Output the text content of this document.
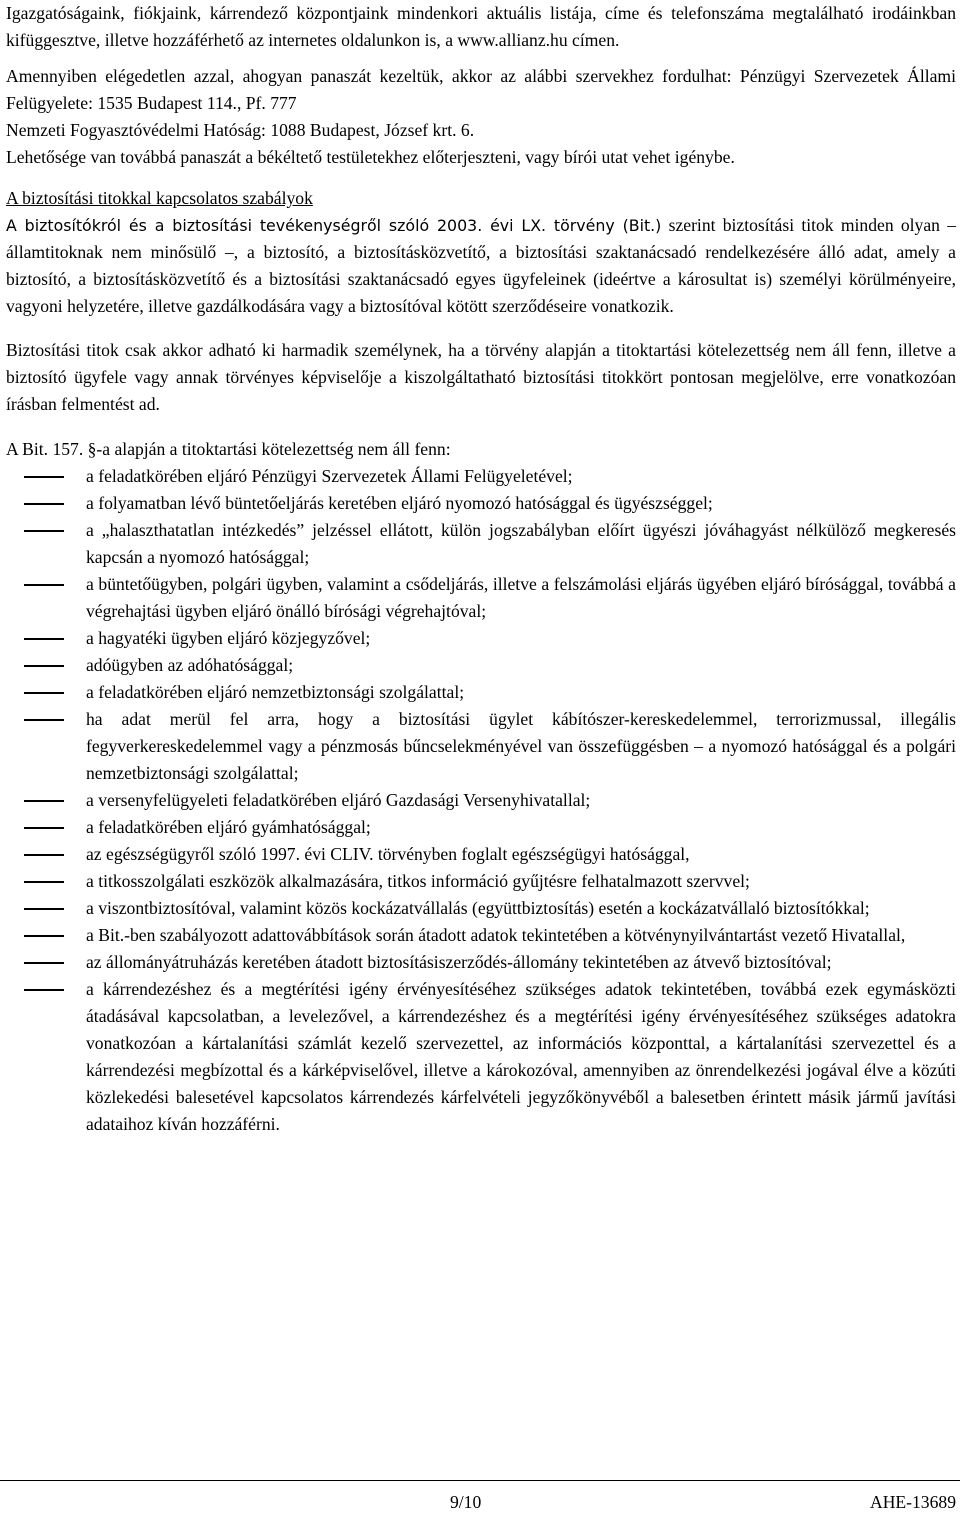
Igazgatóságaink, fiókjaink, kárrendező központjaink mindenkori aktuális listája, címe és telefonszáma megtalálható irodáinkban kifüggesztve, illetve hozzáférhető az internetes oldalunkon is, a www.allianz.hu címen.

Amennyiben elégedetlen azzal, ahogyan panaszát kezeltük, akkor az alábbi szervekhez fordulhat: Pénzügyi Szervezetek Állami Felügyelete: 1535 Budapest 114., Pf. 777

Nemzeti Fogyasztóvédelmi Hatóság: 1088 Budapest, József krt. 6.

Lehetősége van továbbá panaszát a békéltető testületekhez előterjeszteni, vagy bírói utat vehet igénybe.

A biztosítási titokkal kapcsolatos szabályok

A biztosítókról és a biztosítási tevékenységről szóló 2003. évi LX. törvény (Bit.) szerint biztosítási titok minden olyan – államtitoknak nem minősülő –, a biztosító, a biztosításközvetítő, a biztosítási szaktanácsadó rendelkezésére álló adat, amely a biztosító, a biztosításközvetítő és a biztosítási szaktanácsadó egyes ügyfeleinek (ideértve a károsultat is) személyi körülményeire, vagyoni helyzetére, illetve gazdálkodására vagy a biztosítóval kötött szerződéseire vonatkozik.

Biztosítási titok csak akkor adható ki harmadik személynek, ha a törvény alapján a titoktartási kötelezettség nem áll fenn, illetve a biztosító ügyfele vagy annak törvényes képviselője a kiszolgáltatható biztosítási titokkört pontosan megjelölve, erre vonatkozóan írásban felmentést ad.

A Bit. 157. §-a alapján a titoktartási kötelezettség nem áll fenn:

a feladatkörében eljáró Pénzügyi Szervezetek Állami Felügyeletével;
a folyamatban lévő büntetőeljárás keretében eljáró nyomozó hatósággal és ügyészséggel;
a „halaszthatatlan intézkedés” jelzéssel ellátott, külön jogszabályban előírt ügyészi jóváhagyást nélkülöző megkeresés kapcsán a nyomozó hatósággal;
a büntetőügyben, polgári ügyben, valamint a csődeljárás, illetve a felszámolási eljárás ügyében eljáró bírósággal, továbbá a végrehajtási ügyben eljáró önálló bírósági végrehajtóval;
a hagyatéki ügyben eljáró közjegyzővel;
adóügyben az adóhatósággal;
a feladatkörében eljáró nemzetbiztonsági szolgálattal;
ha adat merül fel arra, hogy a biztosítási ügylet kábítószer-kereskedelemmel, terrorizmussal, illegális fegyverkereskedelemmel vagy a pénzmosás bűncselekményével van összefüggésben – a nyomozó hatósággal és a polgári nemzetbiztonsági szolgálattal;
a versenyfelügyeleti feladatkörében eljáró Gazdasági Versenyhivatallal;
a feladatkörében eljáró gyámhatósággal;
az egészségügyről szóló 1997. évi CLIV. törvényben foglalt egészségügyi hatósággal,
a titkosszolgálati eszközök alkalmazására, titkos információ gyűjtésre felhatalmazott szervvel;
a viszontbiztosítóval, valamint közös kockázatvállalás (együttbiztosítás) esetén a kockázatvállaló biztosítókkal;
a Bit.-ben szabályozott adattovábbítások során átadott adatok tekintetében a kötvénynyilvántartást vezető Hivatallal,
az állományátruházás keretében átadott biztosításiszerződés-állomány tekintetében az átvevő biztosítóval;
a kárrendezéshez és a megtérítési igény érvényesítéséhez szükséges adatok tekintetében, továbbá ezek egymásközti átadásával kapcsolatban, a levelezővel, a kárrendezéshez és a megtérítési igény érvényesítéséhez szükséges adatokra vonatkozóan a kártalanítási számlát kezelő szervezettel, az információs központtal, a kártalanítási szervezettel és a kárrendezési megbízottal és a kárképviselővel, illetve a károkozóval, amennyiben az önrendelkezési jogával élve a közúti közlekedési balesetével kapcsolatos kárrendezés kárfelvételi jegyzőkönyvéből a balesetben érintett másik jármű javítási adataihoz kíván hozzáférni.
9/10	AHE-13689
